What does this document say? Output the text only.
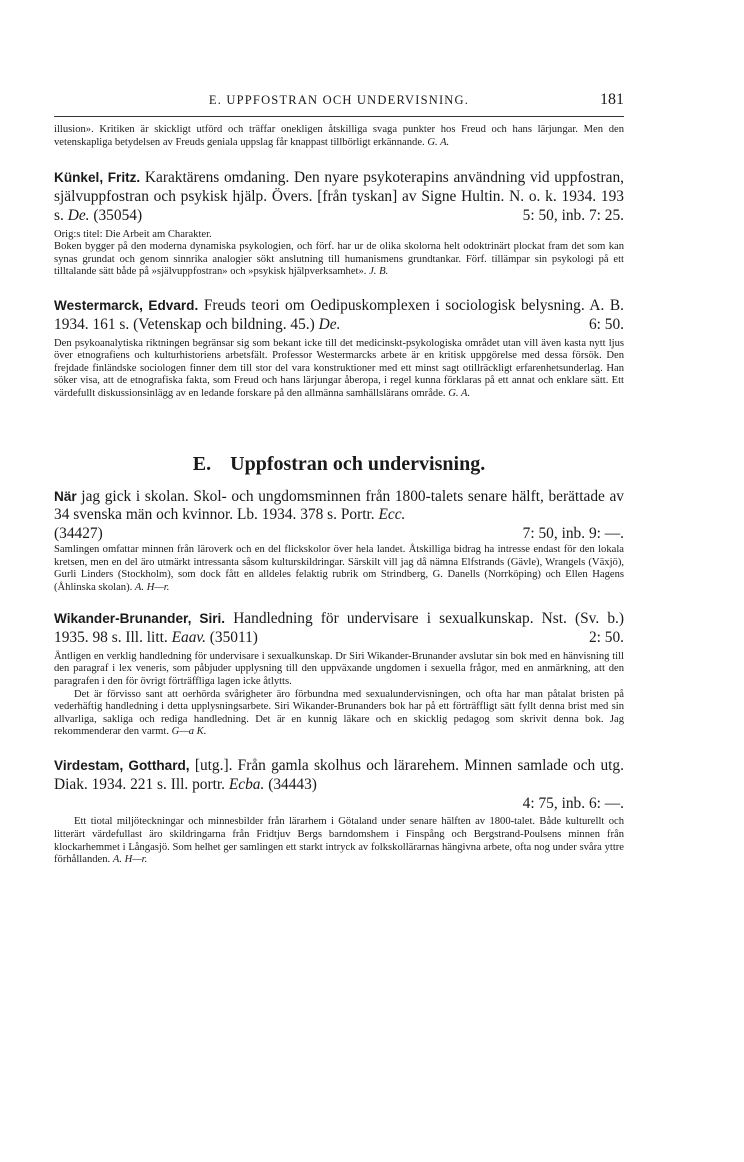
E. UPPFOSTRAN OCH UNDERVISNING.	181

illusion». Kritiken är skickligt utförd och träffar onekligen åtskilliga svaga punkter hos Freud och hans lärjungar. Men den vetenskapliga betydelsen av Freuds geniala uppslag får knappast tillbörligt erkännande. G. A.

Künkel, Fritz. Karaktärens omdaning. Den nyare psykoterapins användning vid uppfostran, självuppfostran och psykisk hjälp. Övers. [från tyskan] av Signe Hultin. N. o. k. 1934. 193 s. De. (35054)	5: 50, inb. 7: 25.

Orig:s titel: Die Arbeit am Charakter.

Boken bygger på den moderna dynamiska psykologien, och förf. har ur de olika skolorna helt odoktrinärt plockat fram det som kan synas grundat och genom sinnrika analogier sökt anslutning till humanismens grundtankar. Förf. tillämpar sin psykologi på ett tilltalande sätt både på »självuppfostran» och »psykisk hjälpverksamhet». J. B.

Westermarck, Edvard. Freuds teori om Oedipuskomplexen i sociologisk belysning. A. B. 1934. 161 s. (Vetenskap och bildning. 45.) De.	6: 50.

Den psykoanalytiska riktningen begränsar sig som bekant icke till det medicinskt-psykologiska området utan vill även kasta nytt ljus över etnografiens och kulturhistoriens arbetsfält. Professor Westermarcks arbete är en kritisk uppgörelse med dessa försök. Den frejdade finländske sociologen finner dem till stor del vara konstruktioner med ett minst sagt otillräckligt erfarenhetsunderlag. Han söker visa, att de etnografiska fakta, som Freud och hans lärjungar åberopa, i regel kunna förklaras på ett annat och enklare sätt. Ett värdefullt diskussionsinlägg av en ledande forskare på den allmänna samhällslärans område. G. A.

E. Uppfostran och undervisning.

När jag gick i skolan. Skol- och ungdomsminnen från 1800-talets senare hälft, berättade av 34 svenska män och kvinnor. Lb. 1934. 378 s. Portr. Ecc.

(34427)	7: 50, inb. 9: —.

Samlingen omfattar minnen från läroverk och en del flickskolor över hela landet. Åtskilliga bidrag ha intresse endast för den lokala kretsen, men en del äro utmärkt intressanta såsom kulturskildringar. Särskilt vill jag då nämna Elfstrands (Gävle), Wrangels (Växjö), Gurli Linders (Stockholm), som dock fått en alldeles felaktig rubrik om Strindberg, G. Danells (Norrköping) och Ellen Hagens (Åhlinska skolan). A. H—r.

Wikander-Brunander, Siri. Handledning för undervisare i sexualkunskap. Nst. (Sv. b.) 1935. 98 s. Ill. litt. Eaav. (35011)	2: 50.

Äntligen en verklig handledning för undervisare i sexualkunskap. Dr Siri Wikander-Brunander avslutar sin bok med en hänvisning till den paragraf i lex veneris, som påbjuder upplysning till den uppväxande ungdomen i sexuella frågor, med en anmärkning, att den paragrafen i den för övrigt förträffliga lagen icke åtlytts.

Det är förvisso sant att oerhörda svårigheter äro förbundna med sexualundervisningen, och ofta har man påtalat bristen på vederhäftig handledning i detta upplysningsarbete. Siri Wikander-Brunanders bok har på ett förträffligt sätt fyllt denna brist med sin allvarliga, sakliga och rediga handledning. Det är en kunnig läkare och en skicklig pedagog som skrivit denna bok. Jag rekommenderar den varmt. G—a K.

Virdestam, Gotthard, [utg.]. Från gamla skolhus och lärarehem. Minnen samlade och utg. Diak. 1934. 221 s. Ill. portr. Ecba. (34443)

4: 75, inb. 6: —.

Ett tiotal miljöteckningar och minnesbilder från lärarhem i Götaland under senare hälften av 1800-talet. Både kulturellt och litterärt värdefullast äro skildringarna från Fridtjuv Bergs barndomshem i Finspång och Bergstrand-Poulsens minnen från klockarhemmet i Långasjö. Som helhet ger samlingen ett starkt intryck av folkskollärarnas hängivna arbete, ofta nog under svåra yttre förhållanden. A. H—r.
